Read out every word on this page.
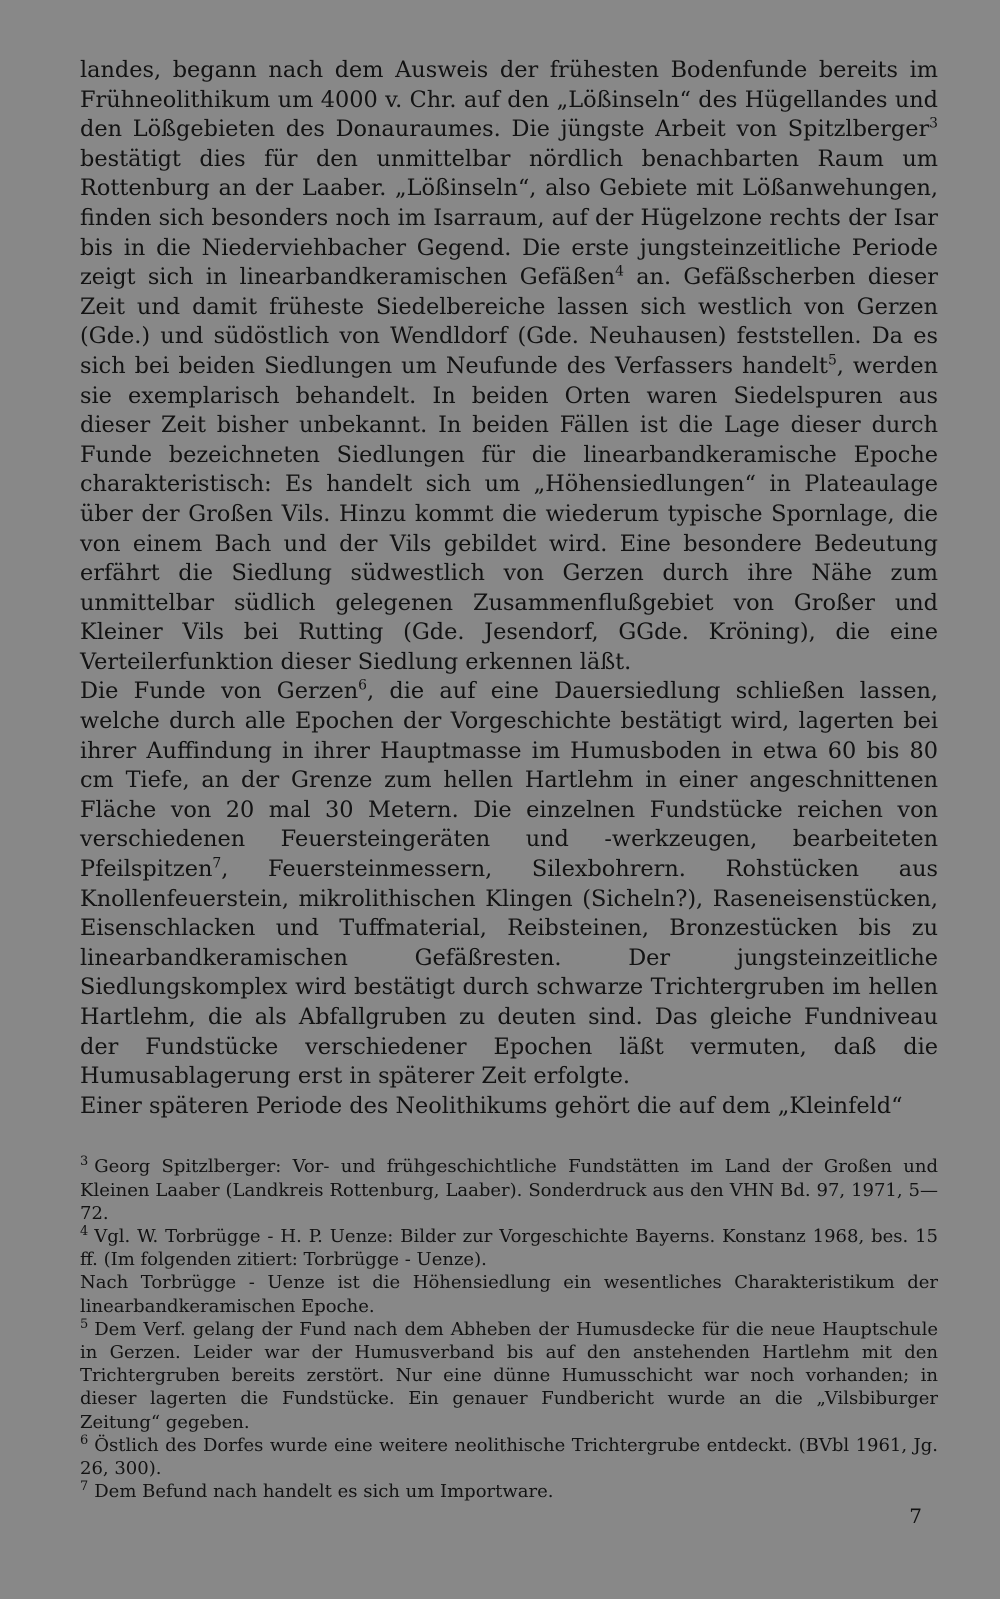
landes, begann nach dem Ausweis der frühesten Bodenfunde bereits im Frühneolithikum um 4000 v. Chr. auf den „Lößinseln“ des Hügellandes und den Lößgebieten des Donauraumes. Die jüngste Arbeit von Spitzlberger$^3$ bestätigt dies für den unmittelbar nördlich benachbarten Raum um Rottenburg an der Laaber. „Lößinseln“, also Gebiete mit Lößanwehungen, finden sich besonders noch im Isarraum, auf der Hügelzone rechts der Isar bis in die Niederviehbacher Gegend. Die erste jungsteinzeitliche Periode zeigt sich in linearbandkeramischen Gefäßen$^4$ an. Gefäßscherben dieser Zeit und damit früheste Siedelbereiche lassen sich westlich von Gerzen (Gde.) und südöstlich von Wendldorf (Gde. Neuhausen) feststellen. Da es sich bei beiden Siedlungen um Neufunde des Verfassers handelt$^5$, werden sie exemplarisch behandelt. In beiden Orten waren Siedelspuren aus dieser Zeit bisher unbekannt. In beiden Fällen ist die Lage dieser durch Funde bezeichneten Siedlungen für die linearbandkeramische Epoche charakteristisch: Es handelt sich um „Höhensiedlungen“ in Plateaulage über der Großen Vils. Hinzu kommt die wiederum typische Spornlage, die von einem Bach und der Vils gebildet wird. Eine besondere Bedeutung erfährt die Siedlung südwestlich von Gerzen durch ihre Nähe zum unmittelbar südlich gelegenen Zusammenflußgebiet von Großer und Kleiner Vils bei Rutting (Gde. Jesendorf, GGde. Kröning), die eine Verteilerfunktion dieser Siedlung erkennen läßt.

Die Funde von Gerzen$^6$, die auf eine Dauersiedlung schließen lassen, welche durch alle Epochen der Vorgeschichte bestätigt wird, lagerten bei ihrer Auffindung in ihrer Hauptmasse im Humusboden in etwa 60 bis 80 cm Tiefe, an der Grenze zum hellen Hartlehm in einer angeschnittenen Fläche von 20 mal 30 Metern. Die einzelnen Fundstücke reichen von verschiedenen Feuersteingeräten und -werkzeugen, bearbeiteten Pfeilspitzen$^7$, Feuersteinmessern, Silexbohrern. Rohstücken aus Knollenfeuerstein, mikrolithischen Klingen (Sicheln?), Raseneisenstücken, Eisenschlacken und Tuffmaterial, Reibsteinen, Bronzestücken bis zu linearbandkeramischen Gefäßresten. Der jungsteinzeitliche Siedlungskomplex wird bestätigt durch schwarze Trichtergruben im hellen Hartlehm, die als Abfallgruben zu deuten sind. Das gleiche Fundniveau der Fundstücke verschiedener Epochen läßt vermuten, daß die Humusablagerung erst in späterer Zeit erfolgte.

Einer späteren Periode des Neolithikums gehört die auf dem „Kleinfeld“

$^3$ Georg Spitzlberger: Vor- und frühgeschichtliche Fundstätten im Land der Großen und Kleinen Laaber (Landkreis Rottenburg, Laaber). Sonderdruck aus den VHN Bd. 97, 1971, 5—72.

$^4$ Vgl. W. Torbrügge - H. P. Uenze: Bilder zur Vorgeschichte Bayerns. Konstanz 1968, bes. 15 ff. (Im folgenden zitiert: Torbrügge - Uenze).

Nach Torbrügge - Uenze ist die Höhensiedlung ein wesentliches Charakteristikum der linearbandkeramischen Epoche.

$^5$ Dem Verf. gelang der Fund nach dem Abheben der Humusdecke für die neue Hauptschule in Gerzen. Leider war der Humusverband bis auf den anstehenden Hartlehm mit den Trichtergruben bereits zerstört. Nur eine dünne Humusschicht war noch vorhanden; in dieser lagerten die Fundstücke. Ein genauer Fundbericht wurde an die „Vilsbiburger Zeitung“ gegeben.

$^6$ Östlich des Dorfes wurde eine weitere neolithische Trichtergrube entdeckt. (BVbl 1961, Jg. 26, 300).

$^7$ Dem Befund nach handelt es sich um Importware.

7
